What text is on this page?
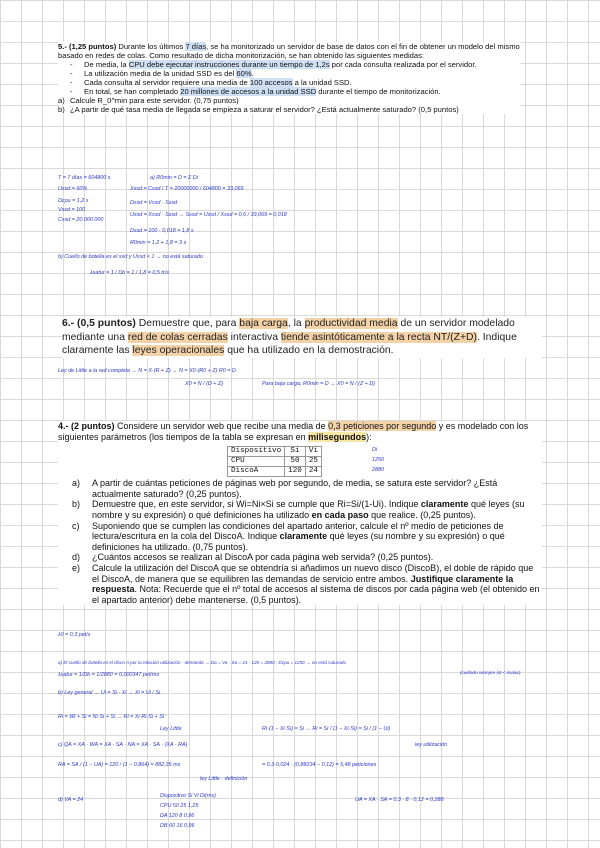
5.- (1,25 puntos) Durante los últimos 7 días, se ha monitorizado un servidor de base de datos con el fin de obtener un modelo del mismo basado en redes de colas. Como resultado de dicha monitorización, se han obtenido las siguientes medidas:

-	De media, la CPU debe ejecutar instrucciones durante un tiempo de 1,2s por cada consulta realizada por el servidor.
-	La utilización media de la unidad SSD es del 60%.
-	Cada consulta al servidor requiere una media de 100 accesos a la unidad SSD.
-	En total, se han completado 20 millones de accesos a la unidad SSD durante el tiempo de monitorización.
a) Calcule R_0^min para este servidor. (0,75 puntos)
b) ¿A partir de qué tasa media de llegada se empieza a saturar el servidor? ¿Está actualmente saturado? (0,5 puntos)
T = 7 días = 604800 s	a) R0min = D = Σ Di
Ussd = 60%	Xssd = Cssd / T = 20000000 / 604800 = 33,069
Dcpu = 1,2 s
Vssd = 100
Dssd = Vssd · Sssd
Cssd = 20.000.000
Ussd = Xssd · Sssd → Sssd = Ussd / Xssd = 0,6 / 33,069 = 0,018
Dssd = 100 · 0,018 = 1,8 s
R0min = 1,2 + 1,8 = 3 s
b) Cuello de botella es el ssd y Ussd < 1 → no está saturado
λsatur = 1 / Db = 1 / 1,8 = 0,5 tr/s
6.- (0,5 puntos) Demuestre que, para baja carga, la productividad media de un servidor modelado mediante una red de colas cerradas interactiva tiende asintóticamente a la recta NT/(Z+D). Indique claramente las leyes operacionales que ha utilizado en la demostración.
Ley de Little a la red completa → N = X·(R + Z) → N = X0·(R0 + Z) R0 = D
X0 = N / (D + Z)	Para baja carga, R0min = D → X0 = N / (Z + D)

4.- (2 puntos) Considere un servidor web que recibe una media de 0,3 peticiones por segundo y es modelado con los siguientes parámetros (los tiempos de la tabla se expresan en milisegundos):

a)	A partir de cuántas peticiones de páginas web por segundo, de media, se satura este servidor? ¿Está actualmente saturado? (0,25 puntos).
b)	Demuestre que, en este servidor, si Wi=Ni×Si se cumple que Ri=Si/(1-Ui). Indique claramente qué leyes (su nombre y su expresión) o qué definiciones ha utilizado en cada paso que realice. (0,25 puntos).
c)	Suponiendo que se cumplen las condiciones del apartado anterior, calcule el nº medio de peticiones de lectura/escritura en la cola del DiscoA. Indique claramente qué leyes (su nombre y su expresión) o qué definiciones ha utilizado. (0,75 puntos).
d)	¿Cuántos accesos se realizan al DiscoA por cada página web servida? (0,25 puntos).
e)	Calcule la utilización del DiscoA que se obtendría si añadimos un nuevo disco (DiscoB), el doble de rápido que el DiscoA, de manera que se equilibren las demandas de servicio entre ambos. Justifique claramente la respuesta. Nota: Recuerde que el nº total de accesos al sistema de discos por cada página web (el obtenido en el apartado anterior) debe mantenerse. (0,5 puntos).
Dispositivo	Si	Vi
CPU	50	25
DiscoA	120	24
Di
1250
2880
λ0 = 0,3 pet/s
a) El cuello de botella es el disco A por la relación utilización · demanda → Da = Va · Sa = 24 · 120 = 2880 ; Dcpu = 1250 → no está saturado
λsatur = 1/Db = 1/2880 = 0,000347 pet/ms	(cuidado siempre λ0 < λsatur)
b) Ley general → Ui = Si · Xi → Xi = Ui / Si
Ri = Wi + Si = Ni·Si + Si → Ri = Xi·Ri·Si + Si
Ley Little	Ri·(1 − Xi·Si) = Si → Ri = Si / (1 − Xi·Si) = Si / (1 − Ui)
ley utilización
c) QA = XA · WA = XA · SA · NA = XA · SA · (XA · RA)
RA = SA / (1 − UA) = 120 / (1 − 0,864) = 882,35 ms
ley Little · definición
= 0,3·0,024 · (0,88234 − 0,12) = 5,48 peticiones
d) VA = 24
Dispositivo Si Vi Di(ms)
CPU 50 25 1,25
DA 120 8 0,96
DB 60 16 0,96
UA = XA · SA = 0,3 · 8 · 0,12 = 0,288
